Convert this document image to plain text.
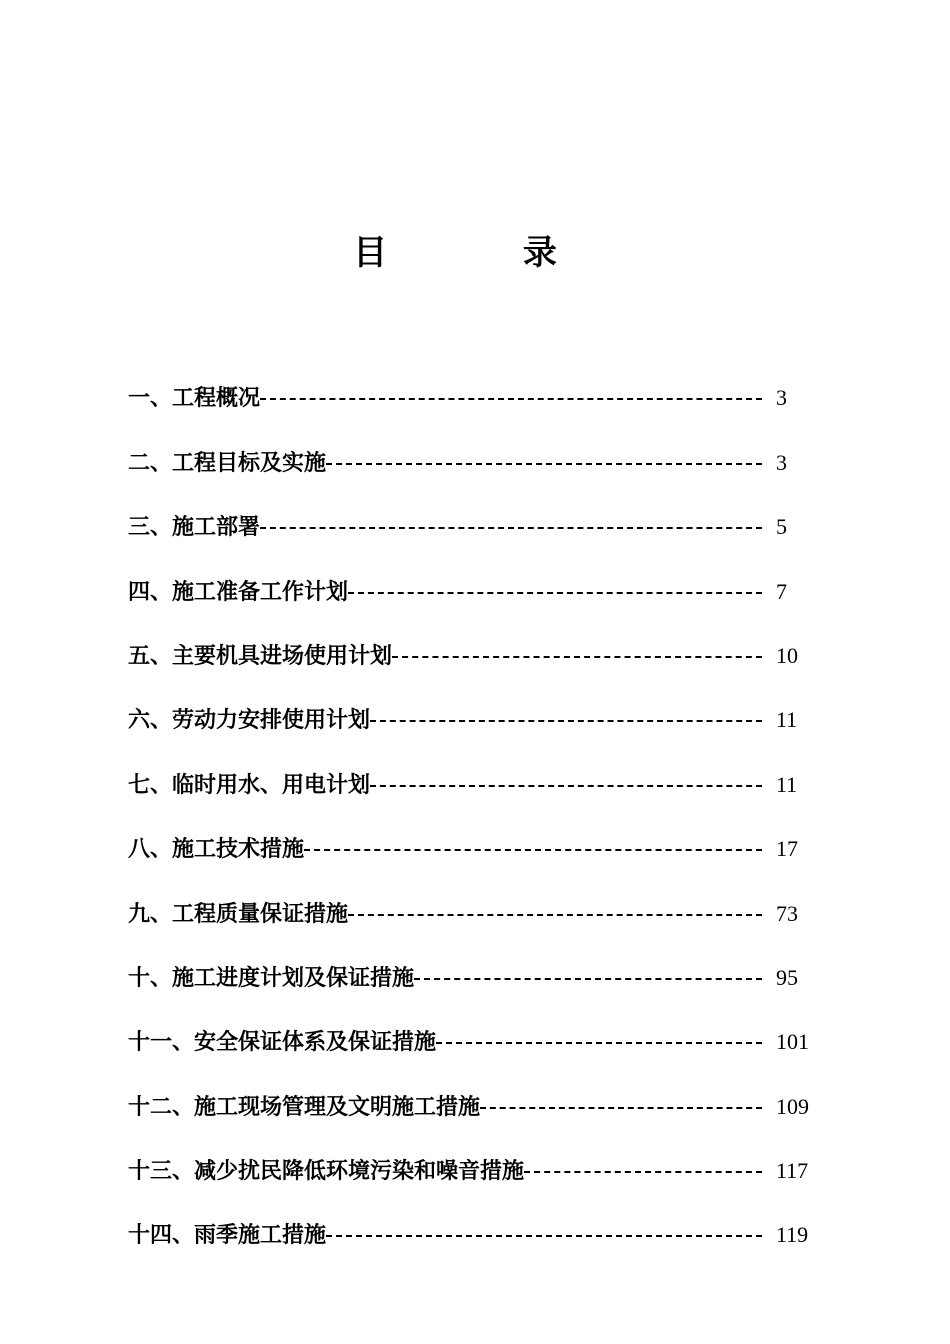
目 录
一、工程概况	3
二、工程目标及实施	3
三、施工部署	5
四、施工准备工作计划	7
五、主要机具进场使用计划	10
六、劳动力安排使用计划	11
七、临时用水、用电计划	11
八、施工技术措施	17
九、工程质量保证措施	73
十、施工进度计划及保证措施	95
十一、安全保证体系及保证措施	101
十二、施工现场管理及文明施工措施	109
十三、减少扰民降低环境污染和噪音措施	117
十四、雨季施工措施	119
